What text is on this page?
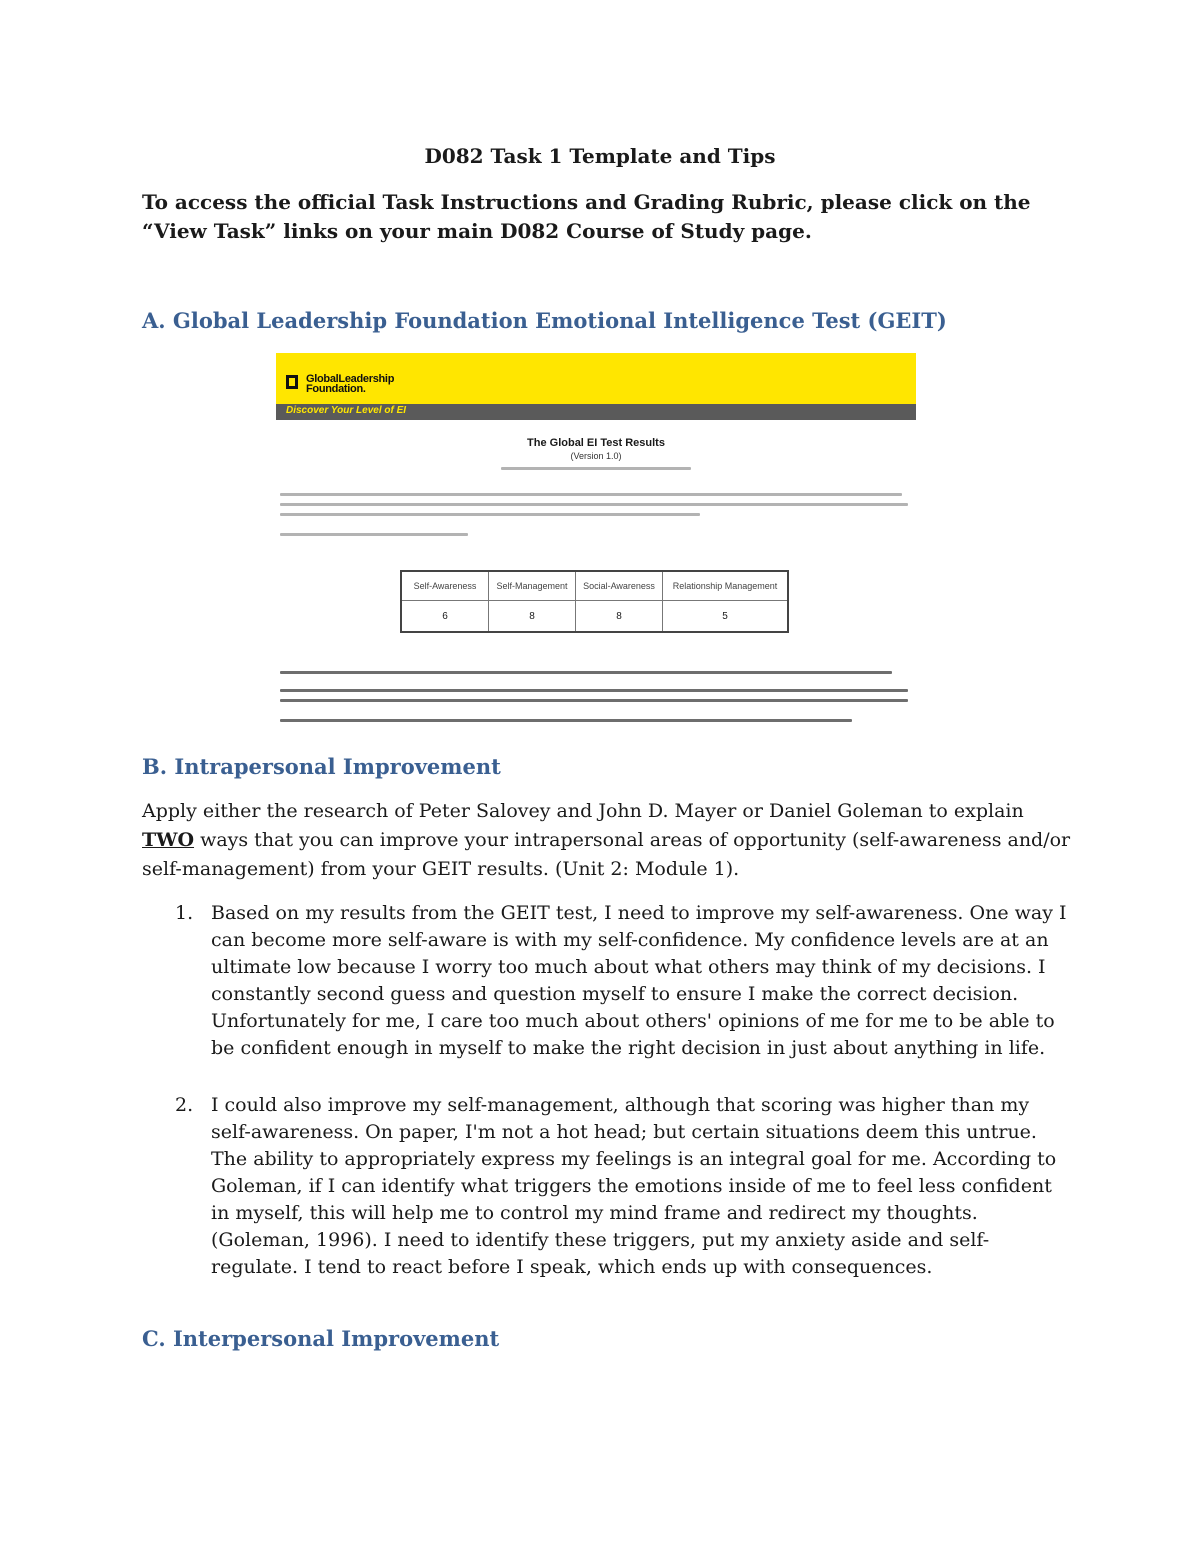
D082 Task 1 Template and Tips
To access the official Task Instructions and Grading Rubric, please click on the “View Task” links on your main D082 Course of Study page.
A. Global Leadership Foundation Emotional Intelligence Test (GEIT)
GlobalLeadership
Foundation.
Discover Your Level of EI
The Global EI Test Results
(Version 1.0)
Self-Awareness	Self-Management	Social-Awareness	Relationship Management
6	8	8	5
B. Intrapersonal Improvement
Apply either the research of Peter Salovey and John D. Mayer or Daniel Goleman to explain TWO ways that you can improve your intrapersonal areas of opportunity (self-awareness and/or self-management) from your GEIT results. (Unit 2: Module 1).
1. Based on my results from the GEIT test, I need to improve my self-awareness. One way I can become more self-aware is with my self-confidence. My confidence levels are at an ultimate low because I worry too much about what others may think of my decisions. I constantly second guess and question myself to ensure I make the correct decision. Unfortunately for me, I care too much about others' opinions of me for me to be able to be confident enough in myself to make the right decision in just about anything in life.
2. I could also improve my self-management, although that scoring was higher than my self-awareness. On paper, I'm not a hot head; but certain situations deem this untrue. The ability to appropriately express my feelings is an integral goal for me. According to Goleman, if I can identify what triggers the emotions inside of me to feel less confident in myself, this will help me to control my mind frame and redirect my thoughts. (Goleman, 1996). I need to identify these triggers, put my anxiety aside and self-regulate. I tend to react before I speak, which ends up with consequences.
C. Interpersonal Improvement
